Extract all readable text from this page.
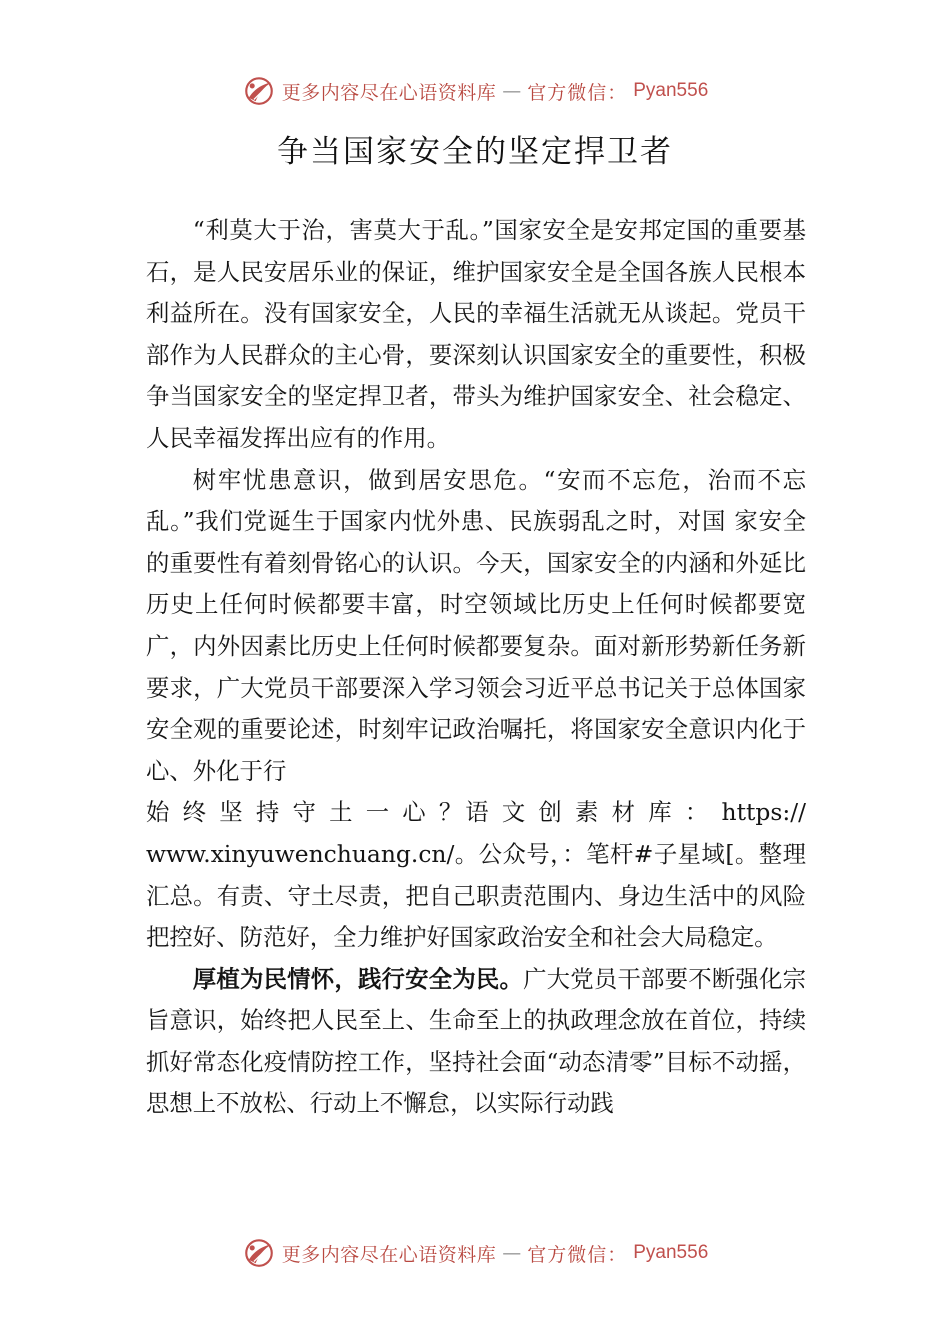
更多内容尽在心语资料库 — 官方微信： Pyan556
争当国家安全的坚定捍卫者

“利莫大于治，害莫大于乱。”国家安全是安邦定国的重要基石，是人民安居乐业的保证，维护国家安全是全国各族人民根本利益所在。没有国家安全，人民的幸福生活就无从谈起。党员干部作为人民群众的主心骨，要深刻认识国家安全的重要性，积极争当国家安全的坚定捍卫者，带头为维护国家安全、社会稳定、人民幸福发挥出应有的作用。

树牢忧患意识，做到居安思危。“安而不忘危，治而不忘乱。”我们党诞生于国家内忧外患、民族弱乱之时，对国 家安全的重要性有着刻骨铭心的认识。今天，国家安全的内涵和外延比历史上任何时候都要丰富，时空领域比历史上任何时候都要宽广，内外因素比历史上任何时候都要复杂。面对新形势新任务新要求，广大党员干部要深入学习领会习近平总书记关于总体国家安全观的重要论述，时刻牢记政治嘱托，将国家安全意识内化于心、外化于行
始 终 坚 持 守 土 一 心 ？语 文 创 素 材 库 ： https://
www.xinyuwenchuang.cn/。公众号，：笔杆#子星域[。整理汇总。有责、守土尽责，把自己职责范围内、身边生活中的风险把控好、防范好，全力维护好国家政治安全和社会大局稳定。

厚植为民情怀，践行安全为民。广大党员干部要不断强化宗旨意识，始终把人民至上、生命至上的执政理念放在首位，持续抓好常态化疫情防控工作，坚持社会面“动态清零”目标不动摇，思想上不放松、行动上不懈怠，以实际行动践

更多内容尽在心语资料库 — 官方微信： Pyan556
